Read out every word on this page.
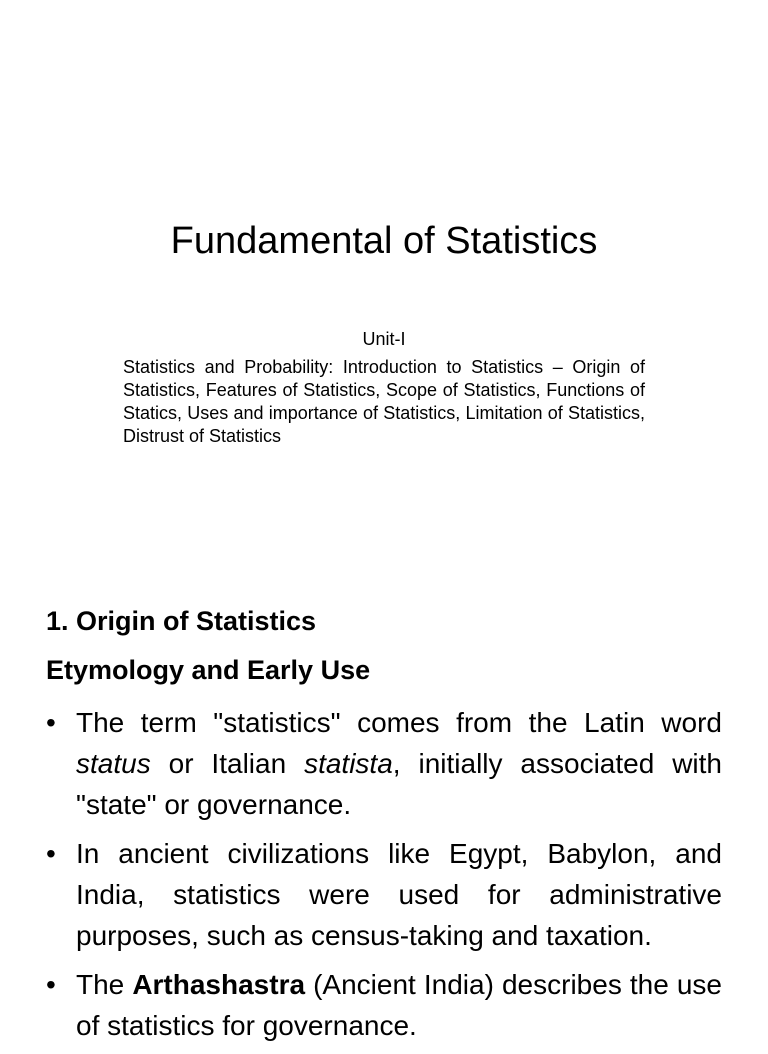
Fundamental of Statistics
Unit-I
Statistics and Probability: Introduction to Statistics – Origin of Statistics, Features of Statistics, Scope of Statistics, Functions of Statics, Uses and importance of Statistics, Limitation of Statistics, Distrust of Statistics
1. Origin of Statistics
Etymology and Early Use
• The term "statistics" comes from the Latin word status or Italian statista, initially associated with "state" or governance.
• In ancient civilizations like Egypt, Babylon, and India, statistics were used for administrative purposes, such as census-taking and taxation.
• The Arthashastra (Ancient India) describes the use of statistics for governance.
